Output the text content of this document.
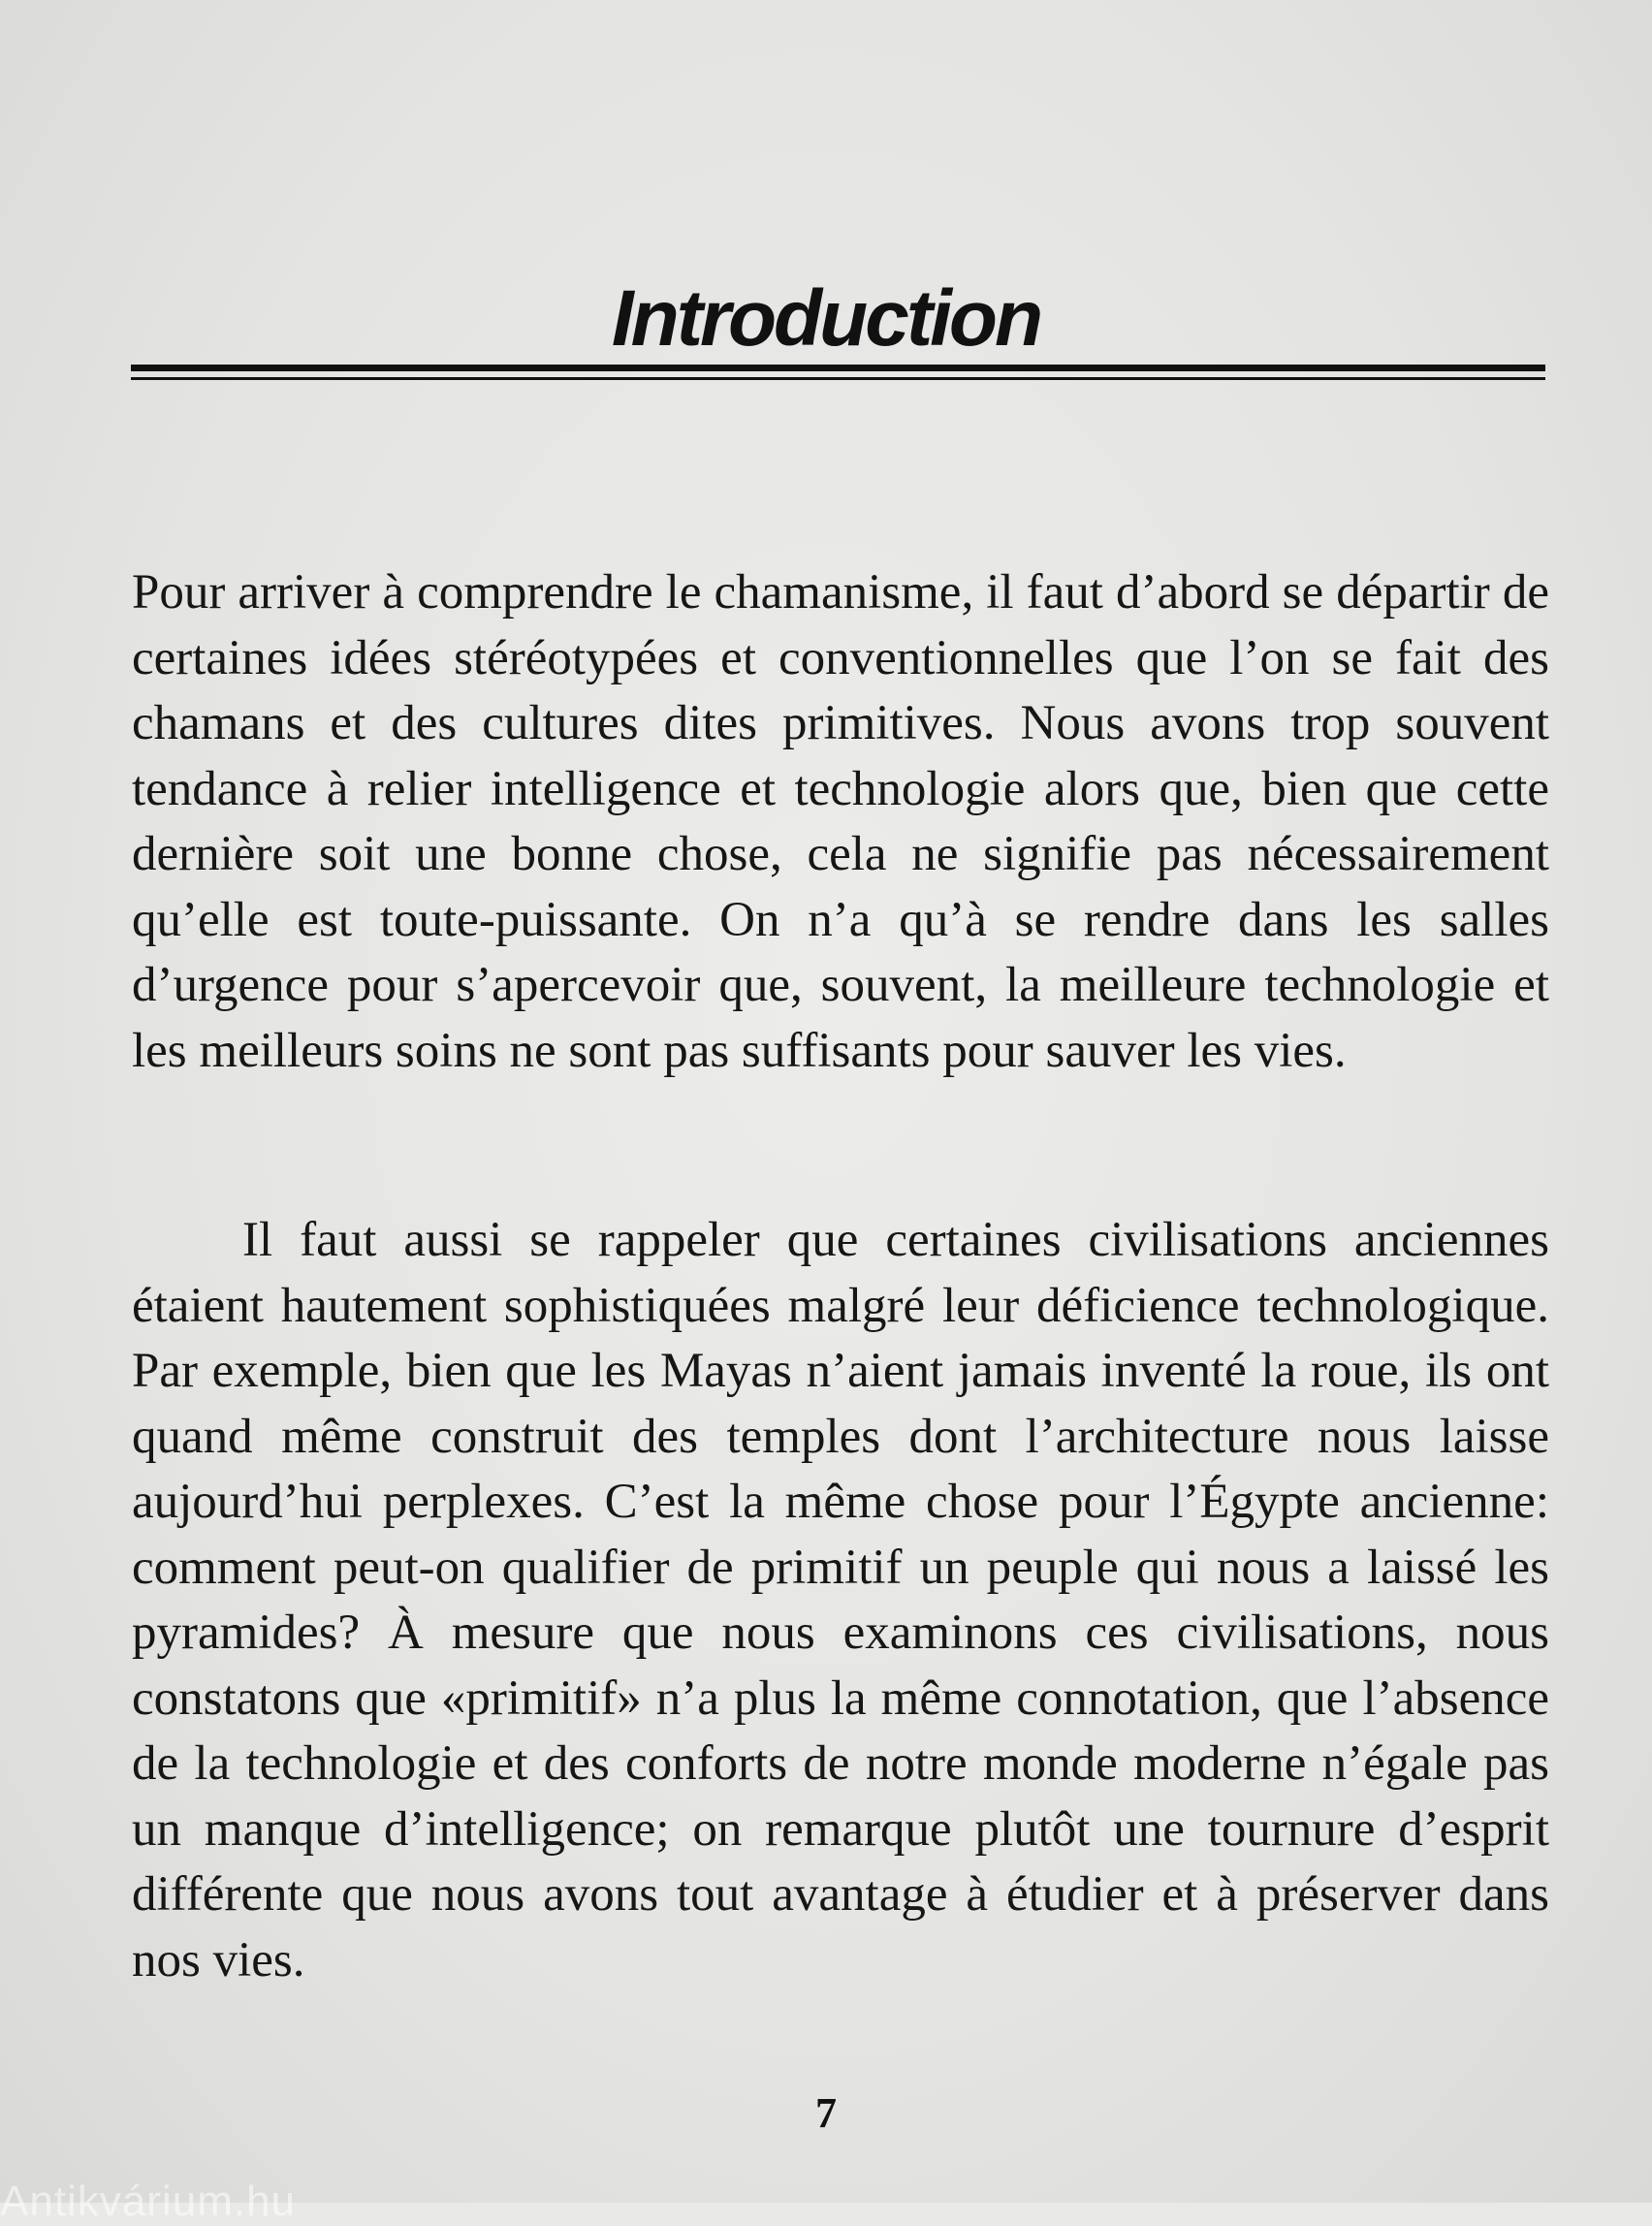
Introduction

Pour arriver à comprendre le chamanisme, il faut d’abord se départir de certaines idées stéréotypées et conventionnelles que l’on se fait des chamans et des cultures dites primitives. Nous avons trop souvent tendance à relier intelligence et technologie alors que, bien que cette dernière soit une bonne chose, cela ne signifie pas nécessairement qu’elle est toute-puissante. On n’a qu’à se rendre dans les salles d’urgence pour s’apercevoir que, souvent, la meilleure technologie et les meilleurs soins ne sont pas suffisants pour sauver les vies.

Il faut aussi se rappeler que certaines civilisations anciennes étaient hautement sophistiquées malgré leur déficience technologique. Par exemple, bien que les Mayas n’aient jamais inventé la roue, ils ont quand même construit des temples dont l’architecture nous laisse aujourd’hui perplexes. C’est la même chose pour l’Égypte ancienne: comment peut-on qualifier de primitif un peuple qui nous a laissé les pyramides? À mesure que nous examinons ces civilisations, nous constatons que «primitif» n’a plus la même connotation, que l’absence de la technologie et des conforts de notre monde moderne n’égale pas un manque d’intelligence; on remarque plutôt une tournure d’esprit différente que nous avons tout avantage à étudier et à préserver dans nos vies.

7
Antikvárium.hu
